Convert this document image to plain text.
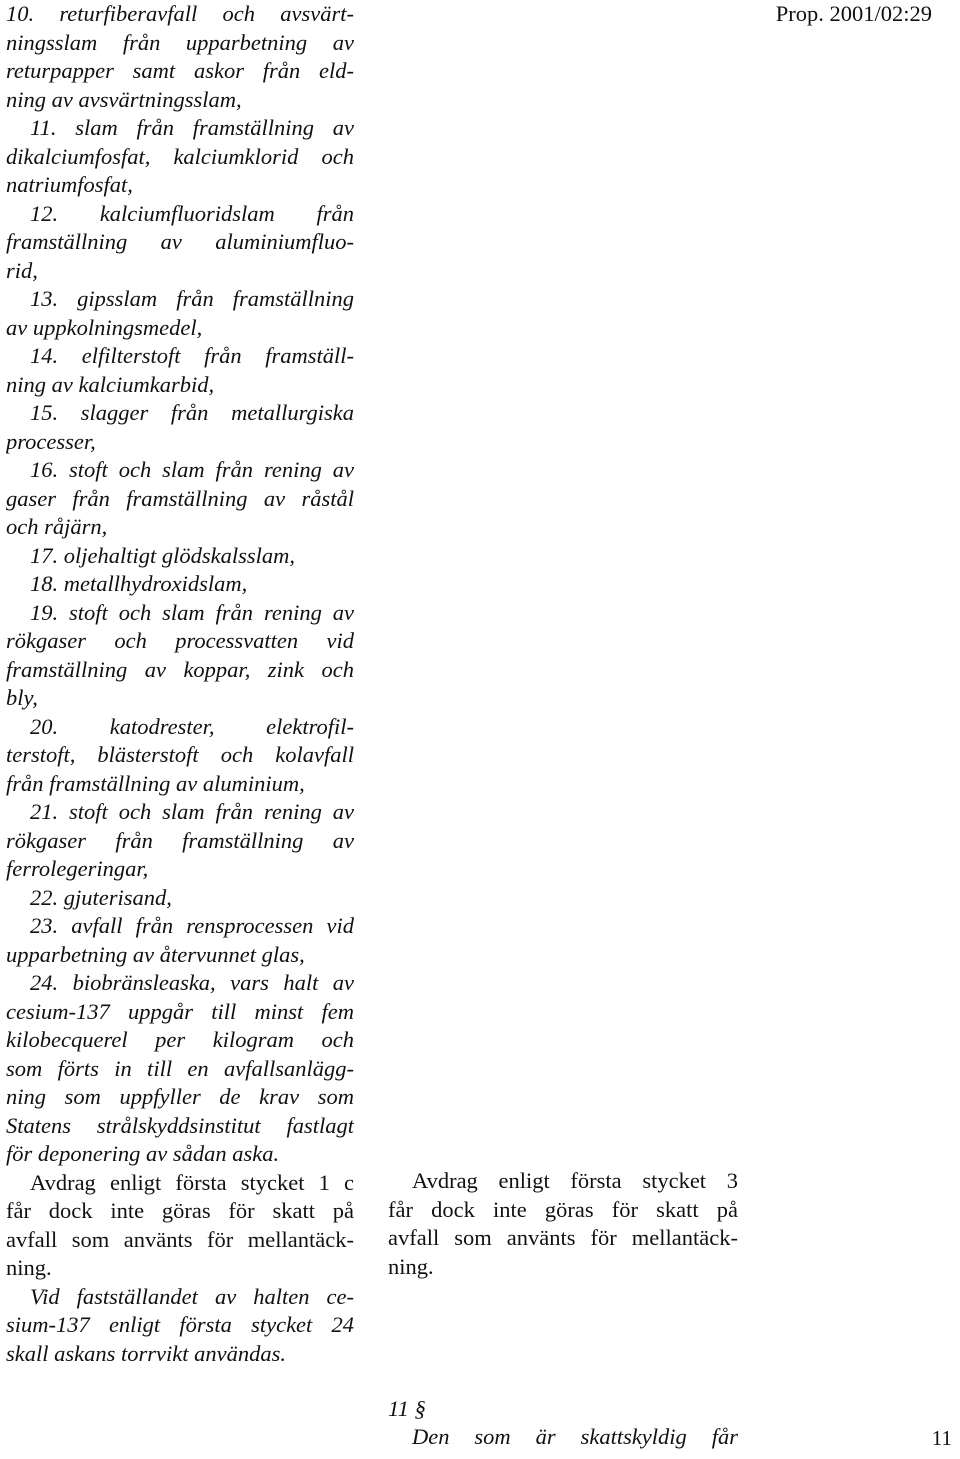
Prop. 2001/02:29
10. returfiberavfall och avsvärt-
ningsslam från upparbetning av
returpapper samt askor från eld-
ning av avsvärtningsslam,
11. slam från framställning av
dikalciumfosfat, kalciumklorid och
natriumfosfat,
12. kalciumfluoridslam från
framställning av aluminiumfluo-
rid,
13. gipsslam från framställning
av uppkolningsmedel,
14. elfilterstoft från framställ-
ning av kalciumkarbid,
15. slagger från metallurgiska
processer,
16. stoft och slam från rening av
gaser från framställning av råstål
och råjärn,
17. oljehaltigt glödskalsslam,
18. metallhydroxidslam,
19. stoft och slam från rening av
rökgaser och processvatten vid
framställning av koppar, zink och
bly,
20. katodrester, elektrofil-
terstoft, blästerstoft och kolavfall
från framställning av aluminium,
21. stoft och slam från rening av
rökgaser från framställning av
ferrolegeringar,
22. gjuterisand,
23. avfall från rensprocessen vid
upparbetning av återvunnet glas,
24. biobränsleaska, vars halt av
cesium-137 uppgår till minst fem
kilobecquerel per kilogram och
som förts in till en avfallsanlägg-
ning som uppfyller de krav som
Statens strålskyddsinstitut fastlagt
för deponering av sådan aska.
Avdrag enligt första stycket 1 c
får dock inte göras för skatt på
avfall som använts för mellantäck-
ning.
Vid fastställandet av halten ce-
sium-137 enligt första stycket 24
skall askans torrvikt användas.
Avdrag enligt första stycket 3
får dock inte göras för skatt på
avfall som använts för mellantäck-
ning.
11 §
Den som är skattskyldig får	11
